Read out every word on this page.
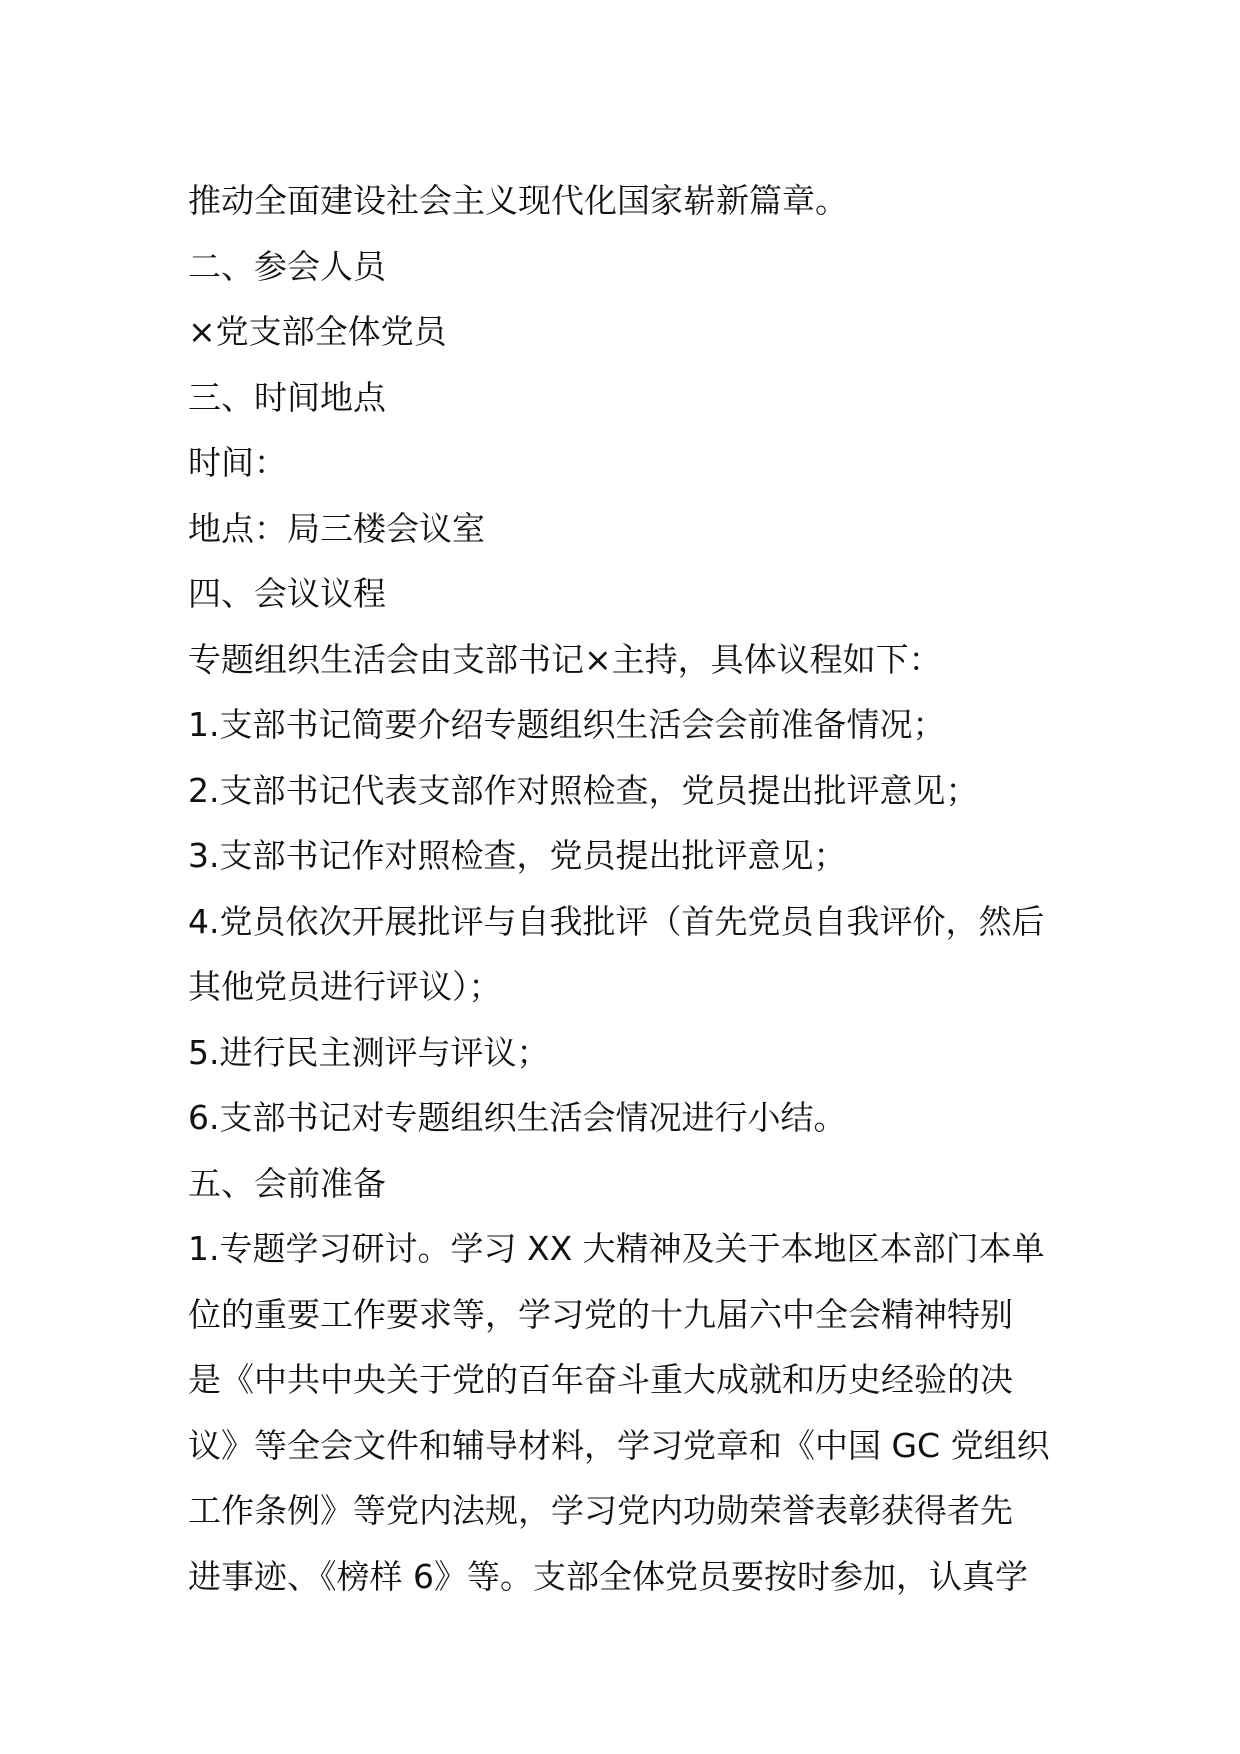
推动全面建设社会主义现代化国家崭新篇章。
二、参会人员
×党支部全体党员
三、时间地点
时间：
地点：局三楼会议室
四、会议议程
专题组织生活会由支部书记×主持，具体议程如下：
1.支部书记简要介绍专题组织生活会会前准备情况；
2.支部书记代表支部作对照检查，党员提出批评意见；
3.支部书记作对照检查，党员提出批评意见；
4.党员依次开展批评与自我批评（首先党员自我评价，然后
其他党员进行评议）；
5.进行民主测评与评议；
6.支部书记对专题组织生活会情况进行小结。
五、会前准备
1.专题学习研讨。学习 XX 大精神及关于本地区本部门本单
位的重要工作要求等，学习党的十九届六中全会精神特别
是《中共中央关于党的百年奋斗重大成就和历史经验的决
议》等全会文件和辅导材料，学习党章和《中国 GC 党组织
工作条例》等党内法规，学习党内功勋荣誉表彰获得者先
进事迹、《榜样 6》等。支部全体党员要按时参加，认真学
